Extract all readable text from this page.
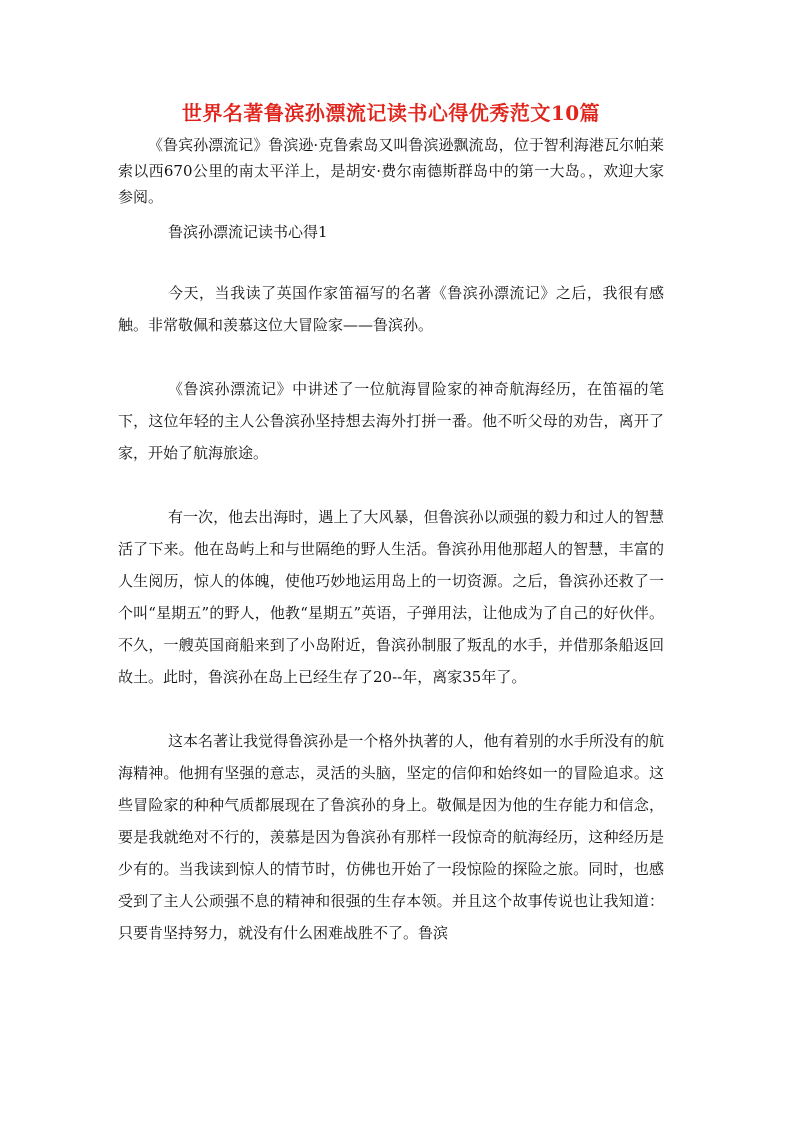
世界名著鲁滨孙漂流记读书心得优秀范文10篇

《鲁宾孙漂流记》鲁滨逊·克鲁索岛又叫鲁滨逊飘流岛，位于智利海港瓦尔帕莱索以西670公里的南太平洋上，是胡安·费尔南德斯群岛中的第一大岛。，欢迎大家参阅。

鲁滨孙漂流记读书心得1

今天，当我读了英国作家笛福写的名著《鲁滨孙漂流记》之后，我很有感触。非常敬佩和羡慕这位大冒险家——鲁滨孙。

《鲁滨孙漂流记》中讲述了一位航海冒险家的神奇航海经历，在笛福的笔下，这位年轻的主人公鲁滨孙坚持想去海外打拼一番。他不听父母的劝告，离开了家，开始了航海旅途。

有一次，他去出海时，遇上了大风暴，但鲁滨孙以顽强的毅力和过人的智慧活了下来。他在岛屿上和与世隔绝的野人生活。鲁滨孙用他那超人的智慧，丰富的人生阅历，惊人的体魄，使他巧妙地运用岛上的一切资源。之后，鲁滨孙还救了一个叫“星期五”的野人，他教“星期五”英语，子弹用法，让他成为了自己的好伙伴。不久，一艘英国商船来到了小岛附近，鲁滨孙制服了叛乱的水手，并借那条船返回故土。此时，鲁滨孙在岛上已经生存了20--年，离家35年了。

这本名著让我觉得鲁滨孙是一个格外执著的人，他有着别的水手所没有的航海精神。他拥有坚强的意志，灵活的头脑，坚定的信仰和始终如一的冒险追求。这些冒险家的种种气质都展现在了鲁滨孙的身上。敬佩是因为他的生存能力和信念，要是我就绝对不行的，羡慕是因为鲁滨孙有那样一段惊奇的航海经历，这种经历是少有的。当我读到惊人的情节时，仿佛也开始了一段惊险的探险之旅。同时，也感受到了主人公顽强不息的精神和很强的生存本领。并且这个故事传说也让我知道：只要肯坚持努力，就没有什么困难战胜不了。鲁滨
